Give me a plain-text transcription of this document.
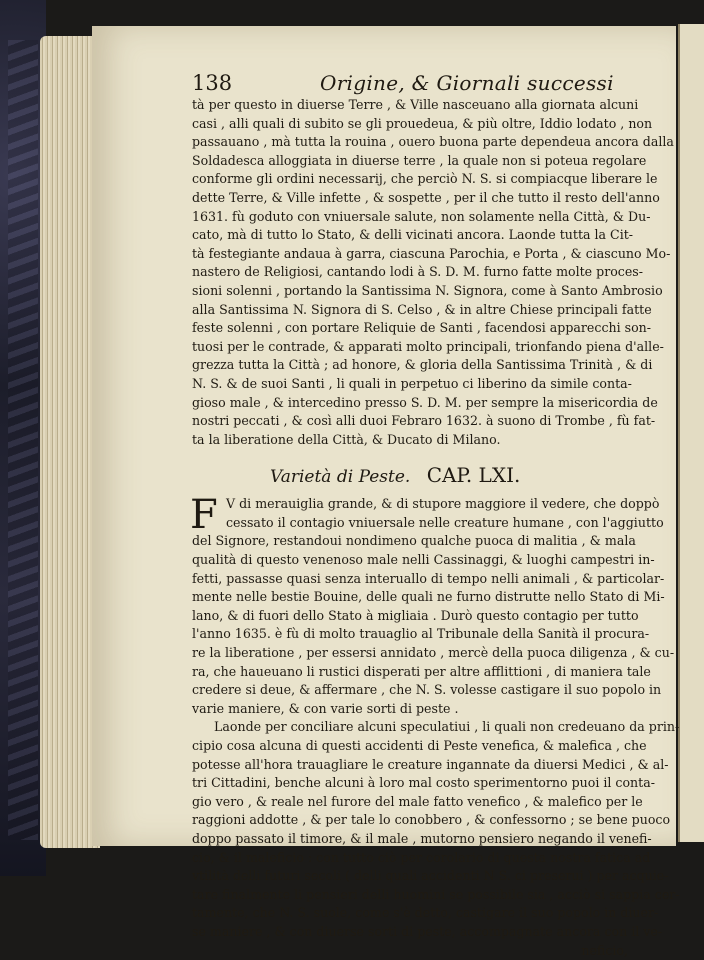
138	Origine, & Giornali successi

tà per questo in diuerse Terre , & Ville nasceuano alla giornata alcuni
casi , alli quali di subito se gli prouedeua, & più oltre, Iddio lodato , non
passauano , mà tutta la rouina , ouero buona parte dependeua ancora dalla
Soldadesca alloggiata in diuerse terre , la quale non si poteua regolare
conforme gli ordini necessarij, che perciò N. S. si compiacque liberare le
dette Terre, & Ville infette , & sospette , per il che tutto il resto dell'anno
1631. fù goduto con vniuersale salute, non solamente nella Città, & Du-
cato, mà di tutto lo Stato, & delli vicinati ancora. Laonde tutta la Cit-
tà festegiante andaua à garra, ciascuna Parochia, e Porta , & ciascuno Mo-
nastero de Religiosi, cantando lodi à S. D. M. furno fatte molte proces-
sioni solenni , portando la Santissima N. Signora, come à Santo Ambrosio
alla Santissima N. Signora di S. Celso , & in altre Chiese principali fatte
feste solenni , con portare Reliquie de Santi , facendosi apparecchi son-
tuosi per le contrade, & apparati molto principali, trionfando piena d'alle-
grezza tutta la Città ; ad honore, & gloria della Santissima Trinità , & di
N. S. & de suoi Santi , li quali in perpetuo ci liberino da simile conta-
gioso male , & intercedino presso S. D. M. per sempre la misericordia de
nostri peccati , & così alli duoi Febraro 1632. à suono di Trombe , fù fat-
ta la liberatione della Città, & Ducato di Milano.

Varietà di Peste. CAP. LXI.
F V di merauiglia grande, & di stupore maggiore il vedere, che doppò
cessato il contagio vniuersale nelle creature humane , con l'aggiutto
del Signore, restandoui nondimeno qualche puoca di malitia , & mala
qualità di questo venenoso male nelli Cassinaggi, & luoghi campestri in-
fetti, passasse quasi senza interuallo di tempo nelli animali , & particolar-
mente nelle bestie Bouine, delle quali ne furno distrutte nello Stato di Mi-
lano, & di fuori dello Stato à migliaia . Durò questo contagio per tutto
l'anno 1635. è fù di molto trauaglio al Tribunale della Sanità il procura-
re la liberatione , per essersi annidato , mercè della puoca diligenza , & cu-
ra, che haueuano li rustici disperati per altre afflittioni , di maniera tale
credere si deue, & affermare , che N. S. volesse castigare il suo popolo in
varie maniere, & con varie sorti di peste .

Laonde per conciliare alcuni speculatiui , li quali non credeuano da prin-
cipio cosa alcuna di questi accidenti di Peste venefica, & malefica , che
potesse all'hora trauagliare le creature ingannate da diuersi Medici , & al-
tri Cittadini, benche alcuni à loro mal costo sperimentorno puoi il conta-
gio vero , & reale nel furore del male fatto venefico , & malefico per le
raggioni addotte , & per tale lo conobbero , & confessorno ; se bene puoco
doppo passato il timore, & il male , mutorno pensiero negando il venefi-
cio, & il maleficio : con tutto ciò per corolario di questa nostra fatica ad
vtilità delli futuri secoli ( delli quali accidenti N S. ci preserui ) per acquie-
tare finalmente li pensieri delli huomini se possibile sia , acciò si sappia cer-
tamente, che N. S. suole, come s'è detto, castigare il suo popolo in diuer-
se maniere , & con diuerse sorti di peste, accompagnate ancora con il ve-
neficio,
